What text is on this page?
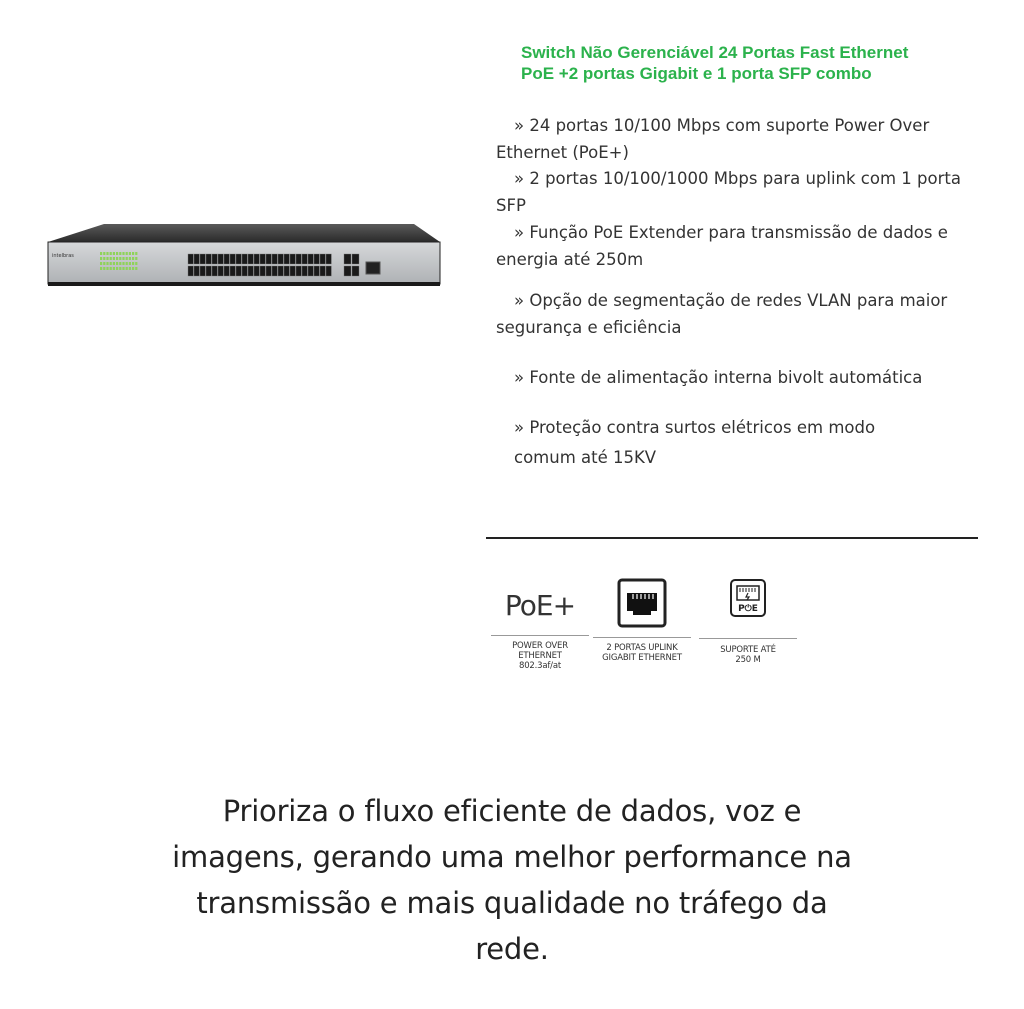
intelbras
Switch Não Gerenciável 24 Portas Fast Ethernet
PoE +2 portas Gigabit e 1 porta SFP combo
» 24 portas 10/100 Mbps com suporte Power Over
Ethernet (PoE+)
» 2 portas 10/100/1000 Mbps para uplink com 1 porta
SFP
» Função PoE Extender para transmissão de dados e
energia até 250m
» Opção de segmentação de redes VLAN para maior
segurança e eficiência
» Fonte de alimentação interna bivolt automática
» Proteção contra surtos elétricos em modo
comum até 15KV
PoE+
POWER OVER
ETHERNET
802.3af/at
2 PORTAS UPLINK
GIGABIT ETHERNET
P⏻E
SUPORTE ATÉ
250 M
Prioriza o fluxo eficiente de dados, voz e
imagens, gerando uma melhor performance na
transmissão e mais qualidade no tráfego da
rede.
